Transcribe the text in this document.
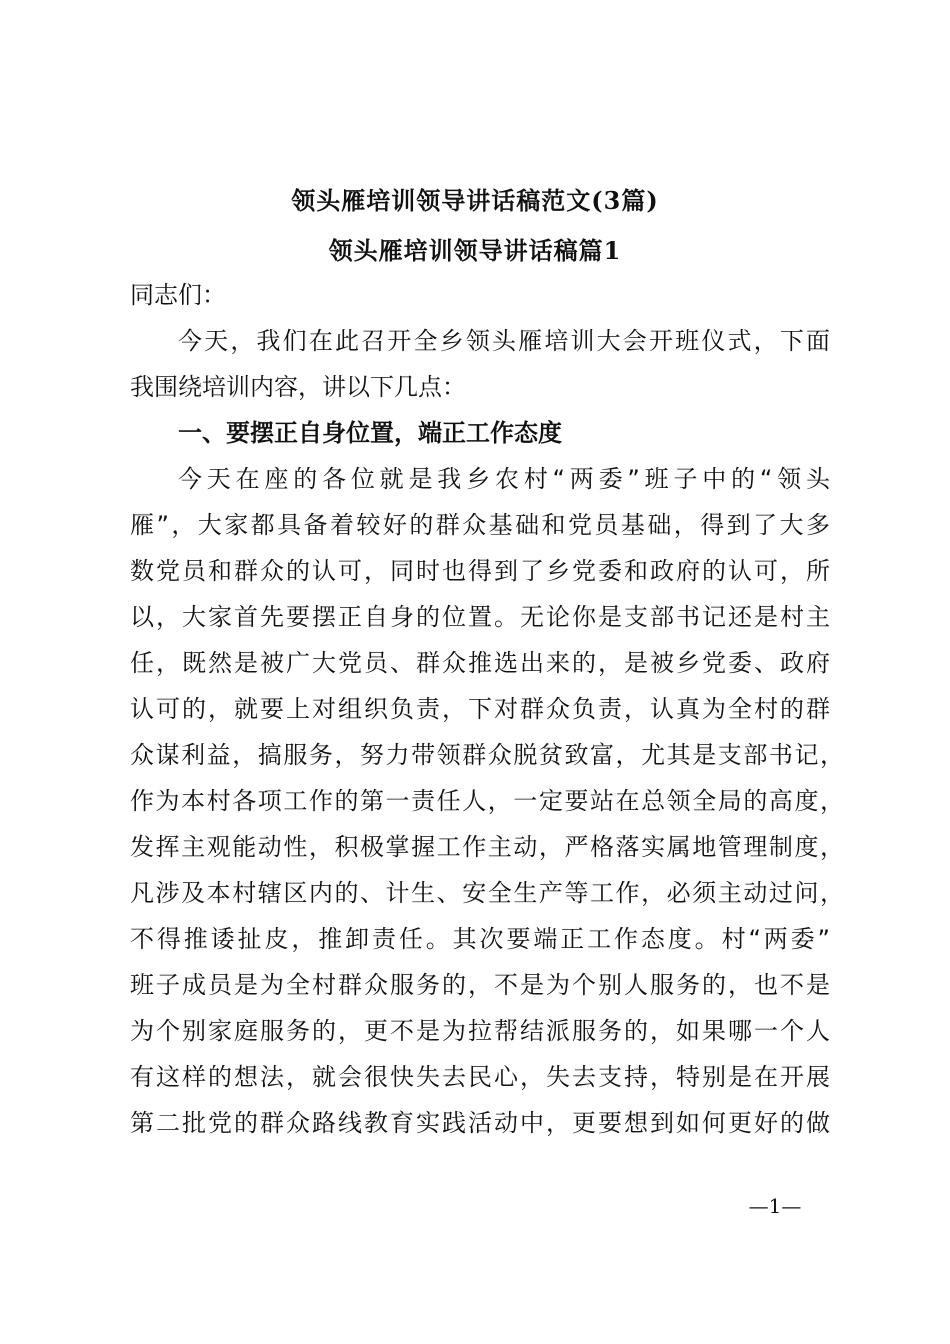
领头雁培训领导讲话稿范文(3篇)
领头雁培训领导讲话稿篇1

同志们：

今天，我们在此召开全乡领头雁培训大会开班仪式，下面

我围绕培训内容，讲以下几点：

一、要摆正自身位置，端正工作态度

今天在座的各位就是我乡农村“两委”班子中的“领头

雁”，大家都具备着较好的群众基础和党员基础，得到了大多

数党员和群众的认可，同时也得到了乡党委和政府的认可，所

以，大家首先要摆正自身的位置。无论你是支部书记还是村主

任，既然是被广大党员、群众推选出来的，是被乡党委、政府

认可的，就要上对组织负责，下对群众负责，认真为全村的群

众谋利益，搞服务，努力带领群众脱贫致富，尤其是支部书记，

作为本村各项工作的第一责任人，一定要站在总领全局的高度，

发挥主观能动性，积极掌握工作主动，严格落实属地管理制度，

凡涉及本村辖区内的、计生、安全生产等工作，必须主动过问，

不得推诿扯皮，推卸责任。其次要端正工作态度。村“两委”

班子成员是为全村群众服务的，不是为个别人服务的，也不是

为个别家庭服务的，更不是为拉帮结派服务的，如果哪一个人

有这样的想法，就会很快失去民心，失去支持，特别是在开展

第二批党的群众路线教育实践活动中，更要想到如何更好的做

—1—
